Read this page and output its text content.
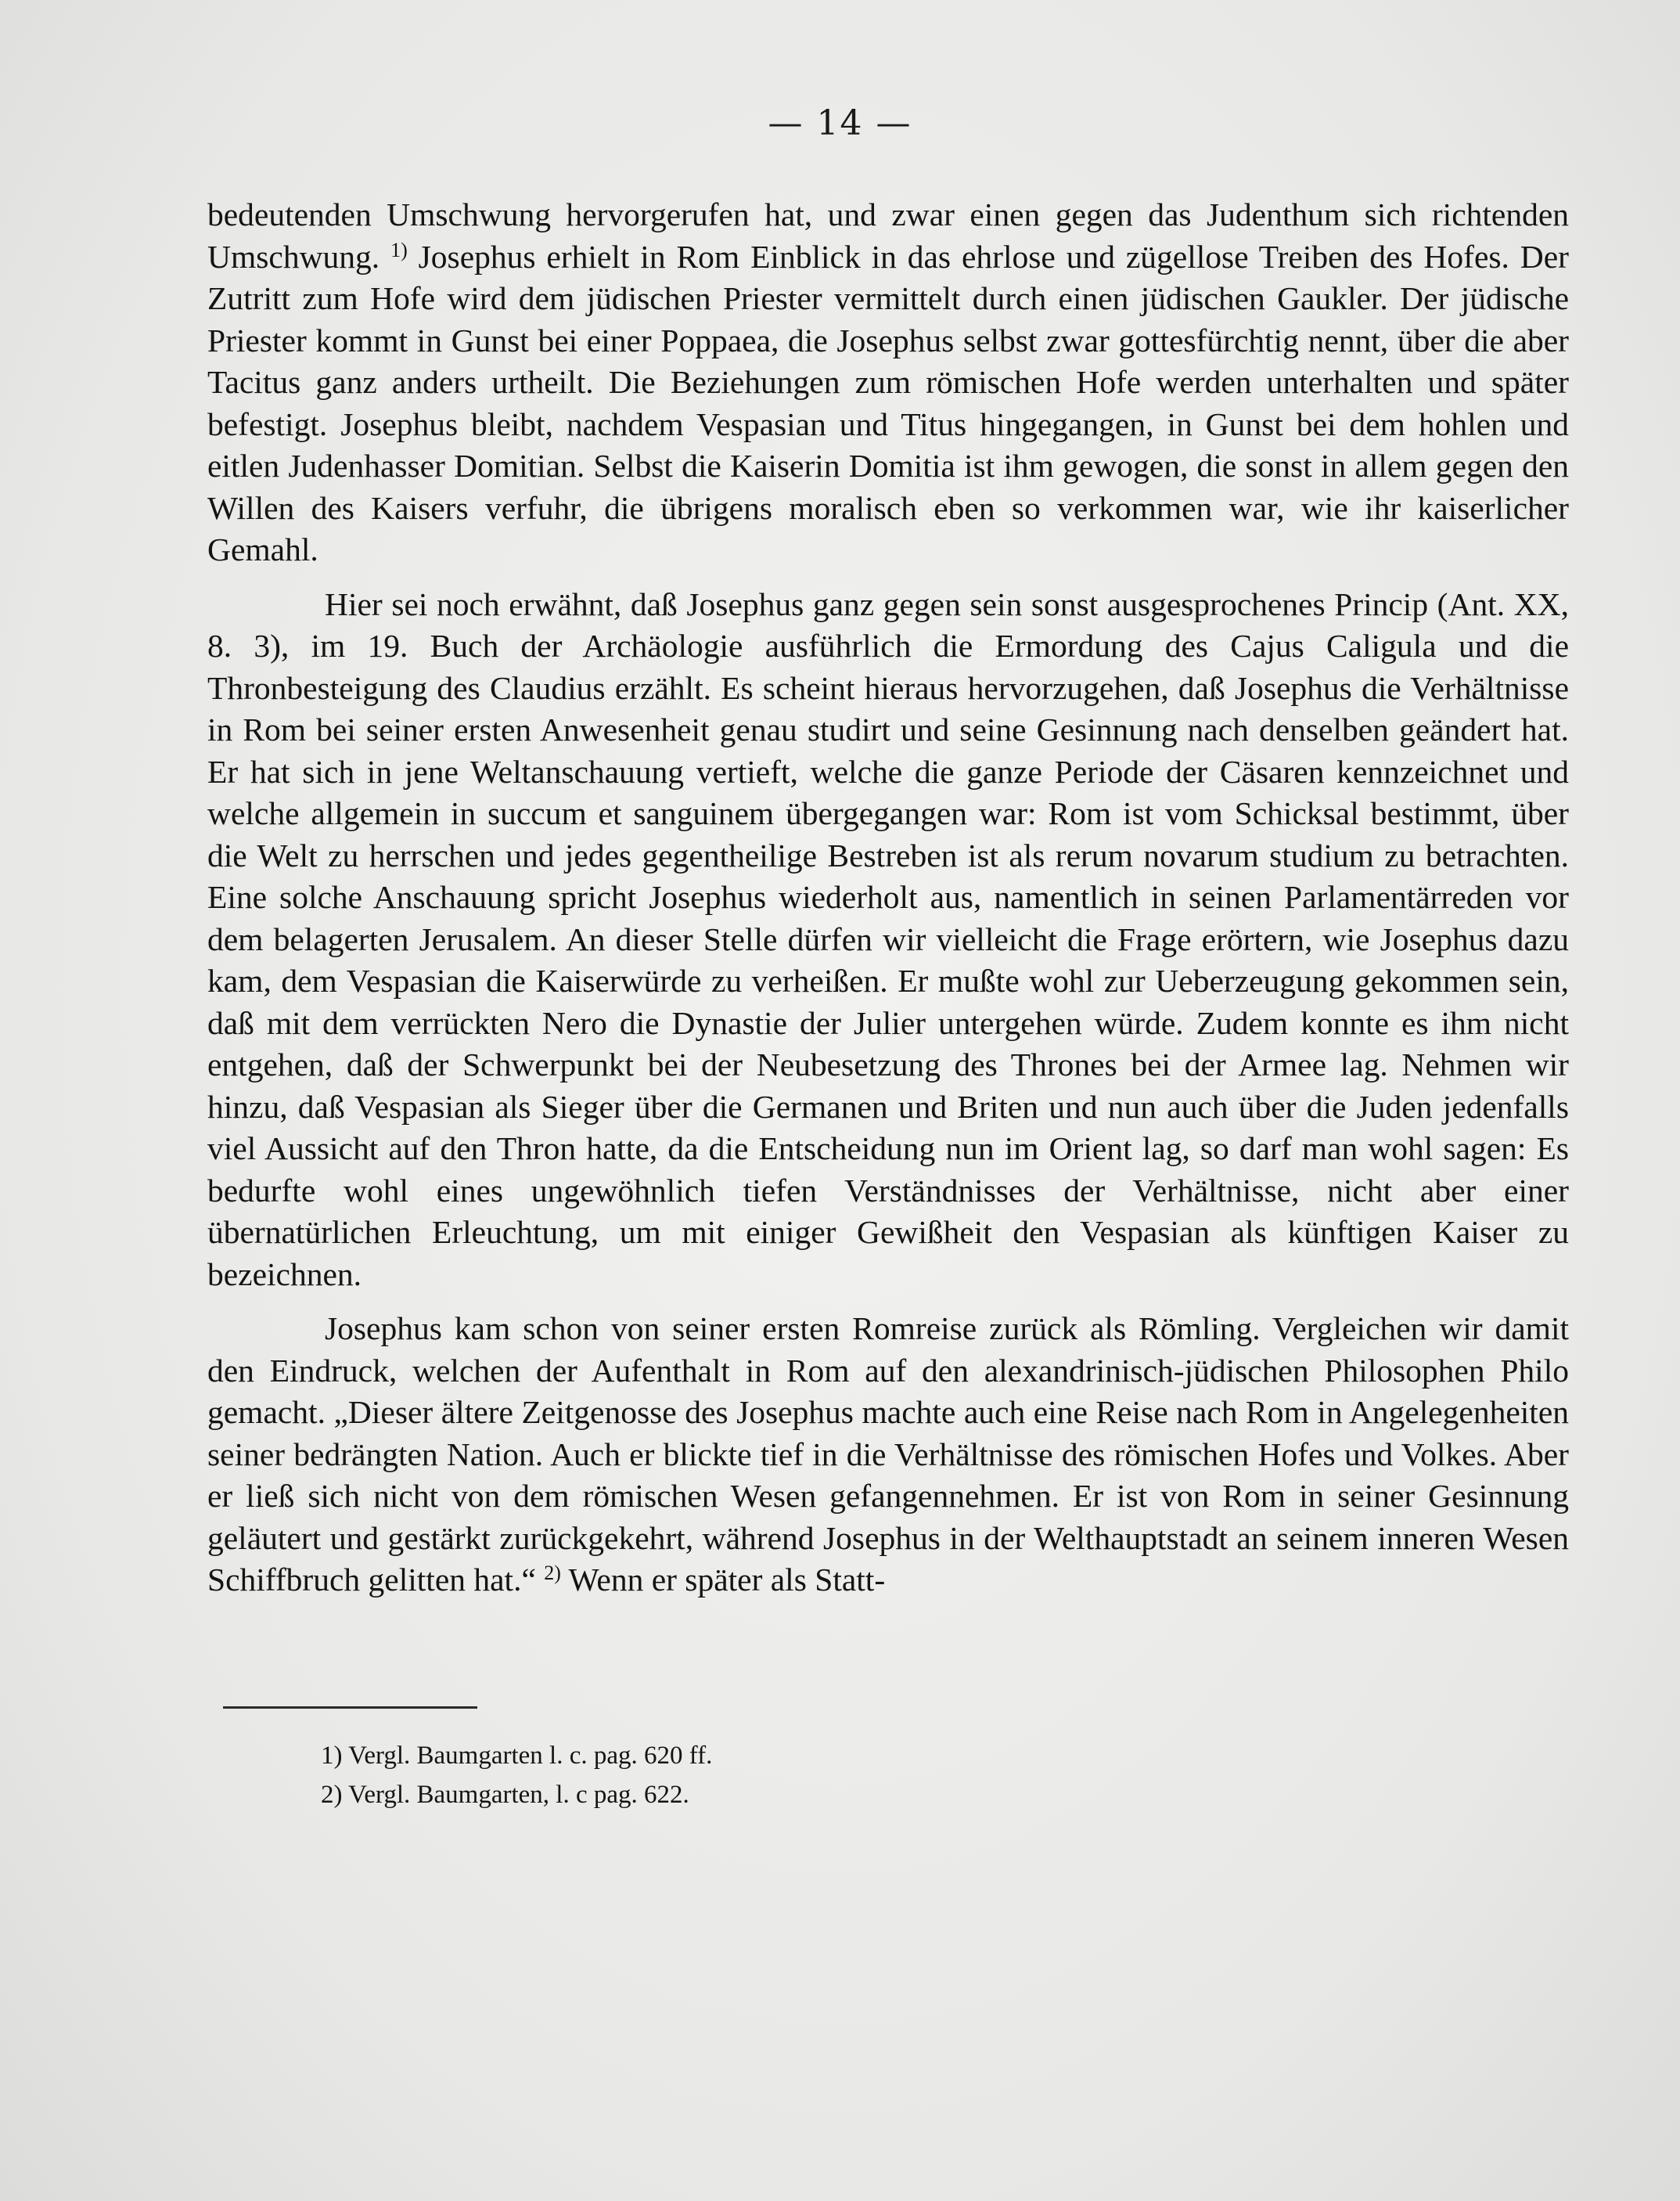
— 14 —

bedeutenden Umschwung hervorgerufen hat, und zwar einen gegen das Judenthum sich richtenden Umschwung. $^{1)}$ Josephus erhielt in Rom Einblick in das ehrlose und zügellose Treiben des Hofes. Der Zutritt zum Hofe wird dem jüdischen Priester vermittelt durch einen jüdischen Gaukler. Der jüdische Priester kommt in Gunst bei einer Poppaea, die Josephus selbst zwar gottesfürchtig nennt, über die aber Tacitus ganz anders urtheilt. Die Beziehungen zum römischen Hofe werden unterhalten und später befestigt. Josephus bleibt, nachdem Vespasian und Titus hingegangen, in Gunst bei dem hohlen und eitlen Judenhasser Domitian. Selbst die Kaiserin Domitia ist ihm gewogen, die sonst in allem gegen den Willen des Kaisers verfuhr, die übrigens moralisch eben so verkommen war, wie ihr kaiserlicher Gemahl.

Hier sei noch erwähnt, daß Josephus ganz gegen sein sonst ausgesprochenes Princip (Ant. XX, 8. 3), im 19. Buch der Archäologie ausführlich die Ermordung des Cajus Caligula und die Thronbesteigung des Claudius erzählt. Es scheint hieraus hervorzugehen, daß Josephus die Verhältnisse in Rom bei seiner ersten Anwesenheit genau studirt und seine Gesinnung nach denselben geändert hat. Er hat sich in jene Weltanschauung vertieft, welche die ganze Periode der Cäsaren kennzeichnet und welche allgemein in succum et sanguinem übergegangen war: Rom ist vom Schicksal bestimmt, über die Welt zu herrschen und jedes gegentheilige Bestreben ist als rerum novarum studium zu betrachten. Eine solche Anschauung spricht Josephus wiederholt aus, namentlich in seinen Parlamentärreden vor dem belagerten Jerusalem. An dieser Stelle dürfen wir vielleicht die Frage erörtern, wie Josephus dazu kam, dem Vespasian die Kaiserwürde zu verheißen. Er mußte wohl zur Ueberzeugung gekommen sein, daß mit dem verrückten Nero die Dynastie der Julier untergehen würde. Zudem konnte es ihm nicht entgehen, daß der Schwerpunkt bei der Neubesetzung des Thrones bei der Armee lag. Nehmen wir hinzu, daß Vespasian als Sieger über die Germanen und Briten und nun auch über die Juden jedenfalls viel Aussicht auf den Thron hatte, da die Entscheidung nun im Orient lag, so darf man wohl sagen: Es bedurfte wohl eines ungewöhnlich tiefen Verständnisses der Verhältnisse, nicht aber einer übernatürlichen Erleuchtung, um mit einiger Gewißheit den Vespasian als künftigen Kaiser zu bezeichnen.

Josephus kam schon von seiner ersten Romreise zurück als Römling. Vergleichen wir damit den Eindruck, welchen der Aufenthalt in Rom auf den alexandrinisch-jüdischen Philosophen Philo gemacht. „Dieser ältere Zeitgenosse des Josephus machte auch eine Reise nach Rom in Angelegenheiten seiner bedrängten Nation. Auch er blickte tief in die Verhältnisse des römischen Hofes und Volkes. Aber er ließ sich nicht von dem römischen Wesen gefangennehmen. Er ist von Rom in seiner Gesinnung geläutert und gestärkt zurückgekehrt, während Josephus in der Welthauptstadt an seinem inneren Wesen Schiffbruch gelitten hat.“ $^{2)}$ Wenn er später als Statt-

1) Vergl. Baumgarten l. c. pag. 620 ff.
2) Vergl. Baumgarten, l. c pag. 622.
